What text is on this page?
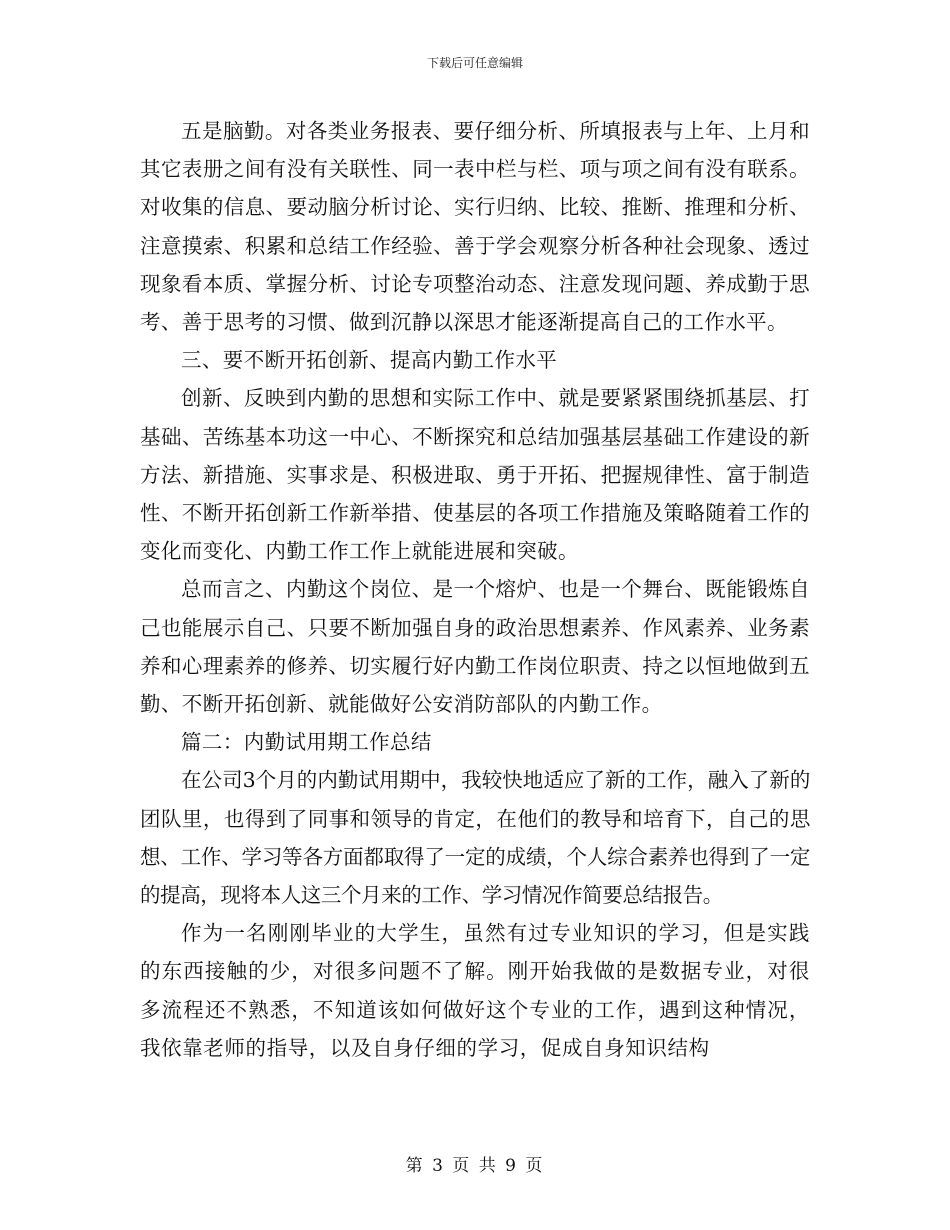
下载后可任意编辑

五是脑勤。对各类业务报表、要仔细分析、所填报表与上年、上月和其它表册之间有没有关联性、同一表中栏与栏、项与项之间有没有联系。对收集的信息、要动脑分析讨论、实行归纳、比较、推断、推理和分析、注意摸索、积累和总结工作经验、善于学会观察分析各种社会现象、透过现象看本质、掌握分析、讨论专项整治动态、注意发现问题、养成勤于思考、善于思考的习惯、做到沉静以深思才能逐渐提高自己的工作水平。

三、要不断开拓创新、提高内勤工作水平

创新、反映到内勤的思想和实际工作中、就是要紧紧围绕抓基层、打基础、苦练基本功这一中心、不断探究和总结加强基层基础工作建设的新方法、新措施、实事求是、积极进取、勇于开拓、把握规律性、富于制造性、不断开拓创新工作新举措、使基层的各项工作措施及策略随着工作的变化而变化、内勤工作工作上就能进展和突破。

总而言之、内勤这个岗位、是一个熔炉、也是一个舞台、既能锻炼自己也能展示自己、只要不断加强自身的政治思想素养、作风素养、业务素养和心理素养的修养、切实履行好内勤工作岗位职责、持之以恒地做到五勤、不断开拓创新、就能做好公安消防部队的内勤工作。

篇二：内勤试用期工作总结

在公司3个月的内勤试用期中，我较快地适应了新的工作，融入了新的团队里，也得到了同事和领导的肯定，在他们的教导和培育下，自己的思想、工作、学习等各方面都取得了一定的成绩，个人综合素养也得到了一定的提高，现将本人这三个月来的工作、学习情况作简要总结报告。

作为一名刚刚毕业的大学生，虽然有过专业知识的学习，但是实践的东西接触的少，对很多问题不了解。刚开始我做的是数据专业，对很多流程还不熟悉，不知道该如何做好这个专业的工作，遇到这种情况，我依靠老师的指导，以及自身仔细的学习，促成自身知识结构

第 3 页 共 9 页
